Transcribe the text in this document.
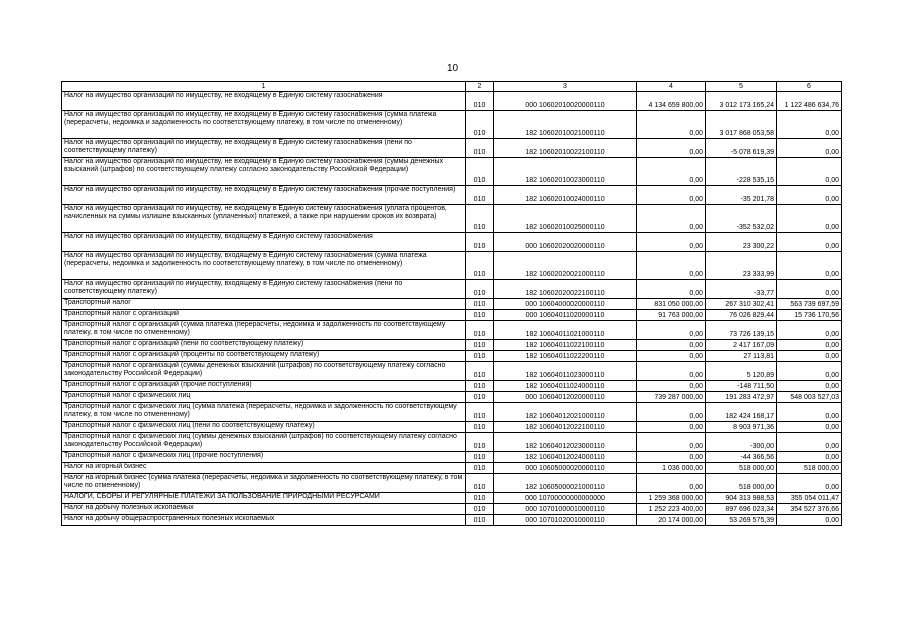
10
1	2	3	4	5	6
Налог на имущество организаций по имуществу, не входящему в Единую систему газоснабжения	010	000 10602010020000110	4 134 659 800,00	3 012 173 165,24	1 122 486 634,76
Налог на имущество организаций по имуществу, не входящему в Единую систему газоснабжения (сумма платежа (перерасчеты, недоимка и задолженность по соответствующему платежу, в том числе по отмененному)	010	182 10602010021000110	0,00	3 017 868 053,58	0,00
Налог на имущество организаций по имуществу, не входящему в Единую систему газоснабжения (пени по соответствующему платежу)	010	182 10602010022100110	0,00	-5 078 619,39	0,00
Налог на имущество организаций по имуществу, не входящему в Единую систему газоснабжения (суммы денежных взысканий (штрафов) по соответствующему платежу согласно законодательству Российской Федерации)	010	182 10602010023000110	0,00	-228 535,15	0,00
Налог на имущество организаций по имуществу, не входящему в Единую систему газоснабжения (прочие поступления)	010	182 10602010024000110	0,00	-35 201,78	0,00
Налог на имущество организаций по имуществу, не входящему в Единую систему газоснабжения (уплата процентов, начисленных на суммы излишне взысканных (уплаченных) платежей, а также при нарушении сроков их возврата)	010	182 10602010025000110	0,00	-352 532,02	0,00
Налог на имущество организаций по имуществу, входящему в Единую систему газоснабжения	010	000 10602020020000110	0,00	23 300,22	0,00
Налог на имущество организаций по имуществу, входящему в Единую систему газоснабжения (сумма платежа (перерасчеты, недоимка и задолженность по соответствующему платежу, в том числе по отмененному)	010	182 10602020021000110	0,00	23 333,99	0,00
Налог на имущество организаций по имуществу, входящему в Единую систему газоснабжения (пени по соответствующему платежу)	010	182 10602020022100110	0,00	-33,77	0,00
Транспортный налог	010	000 10604000020000110	831 050 000,00	267 310 302,41	563 739 697,59
Транспортный налог с организаций	010	000 10604011020000110	91 763 000,00	76 026 829,44	15 736 170,56
Транспортный налог с организаций (сумма платежа (перерасчеты, недоимка и задолженность по соответствующему платежу, в том числе по отмененному)	010	182 10604011021000110	0,00	73 726 139,15	0,00
Транспортный налог с организаций (пени по соответствующему платежу)	010	182 10604011022100110	0,00	2 417 167,09	0,00
Транспортный налог с организаций (проценты по соответствующему платежу)	010	182 10604011022200110	0,00	27 113,81	0,00
Транспортный налог с организаций (суммы денежных взысканий (штрафов) по соответствующему платежу согласно законодательству Российской Федерации)	010	182 10604011023000110	0,00	5 120,89	0,00
Транспортный налог с организаций (прочие поступления)	010	182 10604011024000110	0,00	-148 711,50	0,00
Транспортный налог с физических лиц	010	000 10604012020000110	739 287 000,00	191 283 472,97	548 003 527,03
Транспортный налог с физических лиц (сумма платежа (перерасчеты, недоимка и задолженность по соответствующему платежу, в том числе по отмененному)	010	182 10604012021000110	0,00	182 424 168,17	0,00
Транспортный налог с физических лиц (пени по соответствующему платежу)	010	182 10604012022100110	0,00	8 903 971,36	0,00
Транспортный налог с физических лиц (суммы денежных взысканий (штрафов) по соответствующему платежу согласно законодательству Российской Федерации)	010	182 10604012023000110	0,00	-300,00	0,00
Транспортный налог с физических лиц (прочие поступления)	010	182 10604012024000110	0,00	-44 366,56	0,00
Налог на игорный бизнес	010	000 10605000020000110	1 036 000,00	518 000,00	518 000,00
Налог на игорный бизнес (сумма платежа (перерасчеты, недоимка и задолженность по соответствующему платежу, в том числе по отмененному)	010	182 10605000021000110	0,00	518 000,00	0,00
НАЛОГИ, СБОРЫ И РЕГУЛЯРНЫЕ ПЛАТЕЖИ ЗА ПОЛЬЗОВАНИЕ ПРИРОДНЫМИ РЕСУРСАМИ	010	000 10700000000000000	1 259 368 000,00	904 313 988,53	355 054 011,47
Налог на добычу полезных ископаемых	010	000 10701000010000110	1 252 223 400,00	897 696 023,34	354 527 376,66
Налог на добычу общераспространенных полезных ископаемых	010	000 10701020010000110	20 174 000,00	53 269 575,39	0,00
